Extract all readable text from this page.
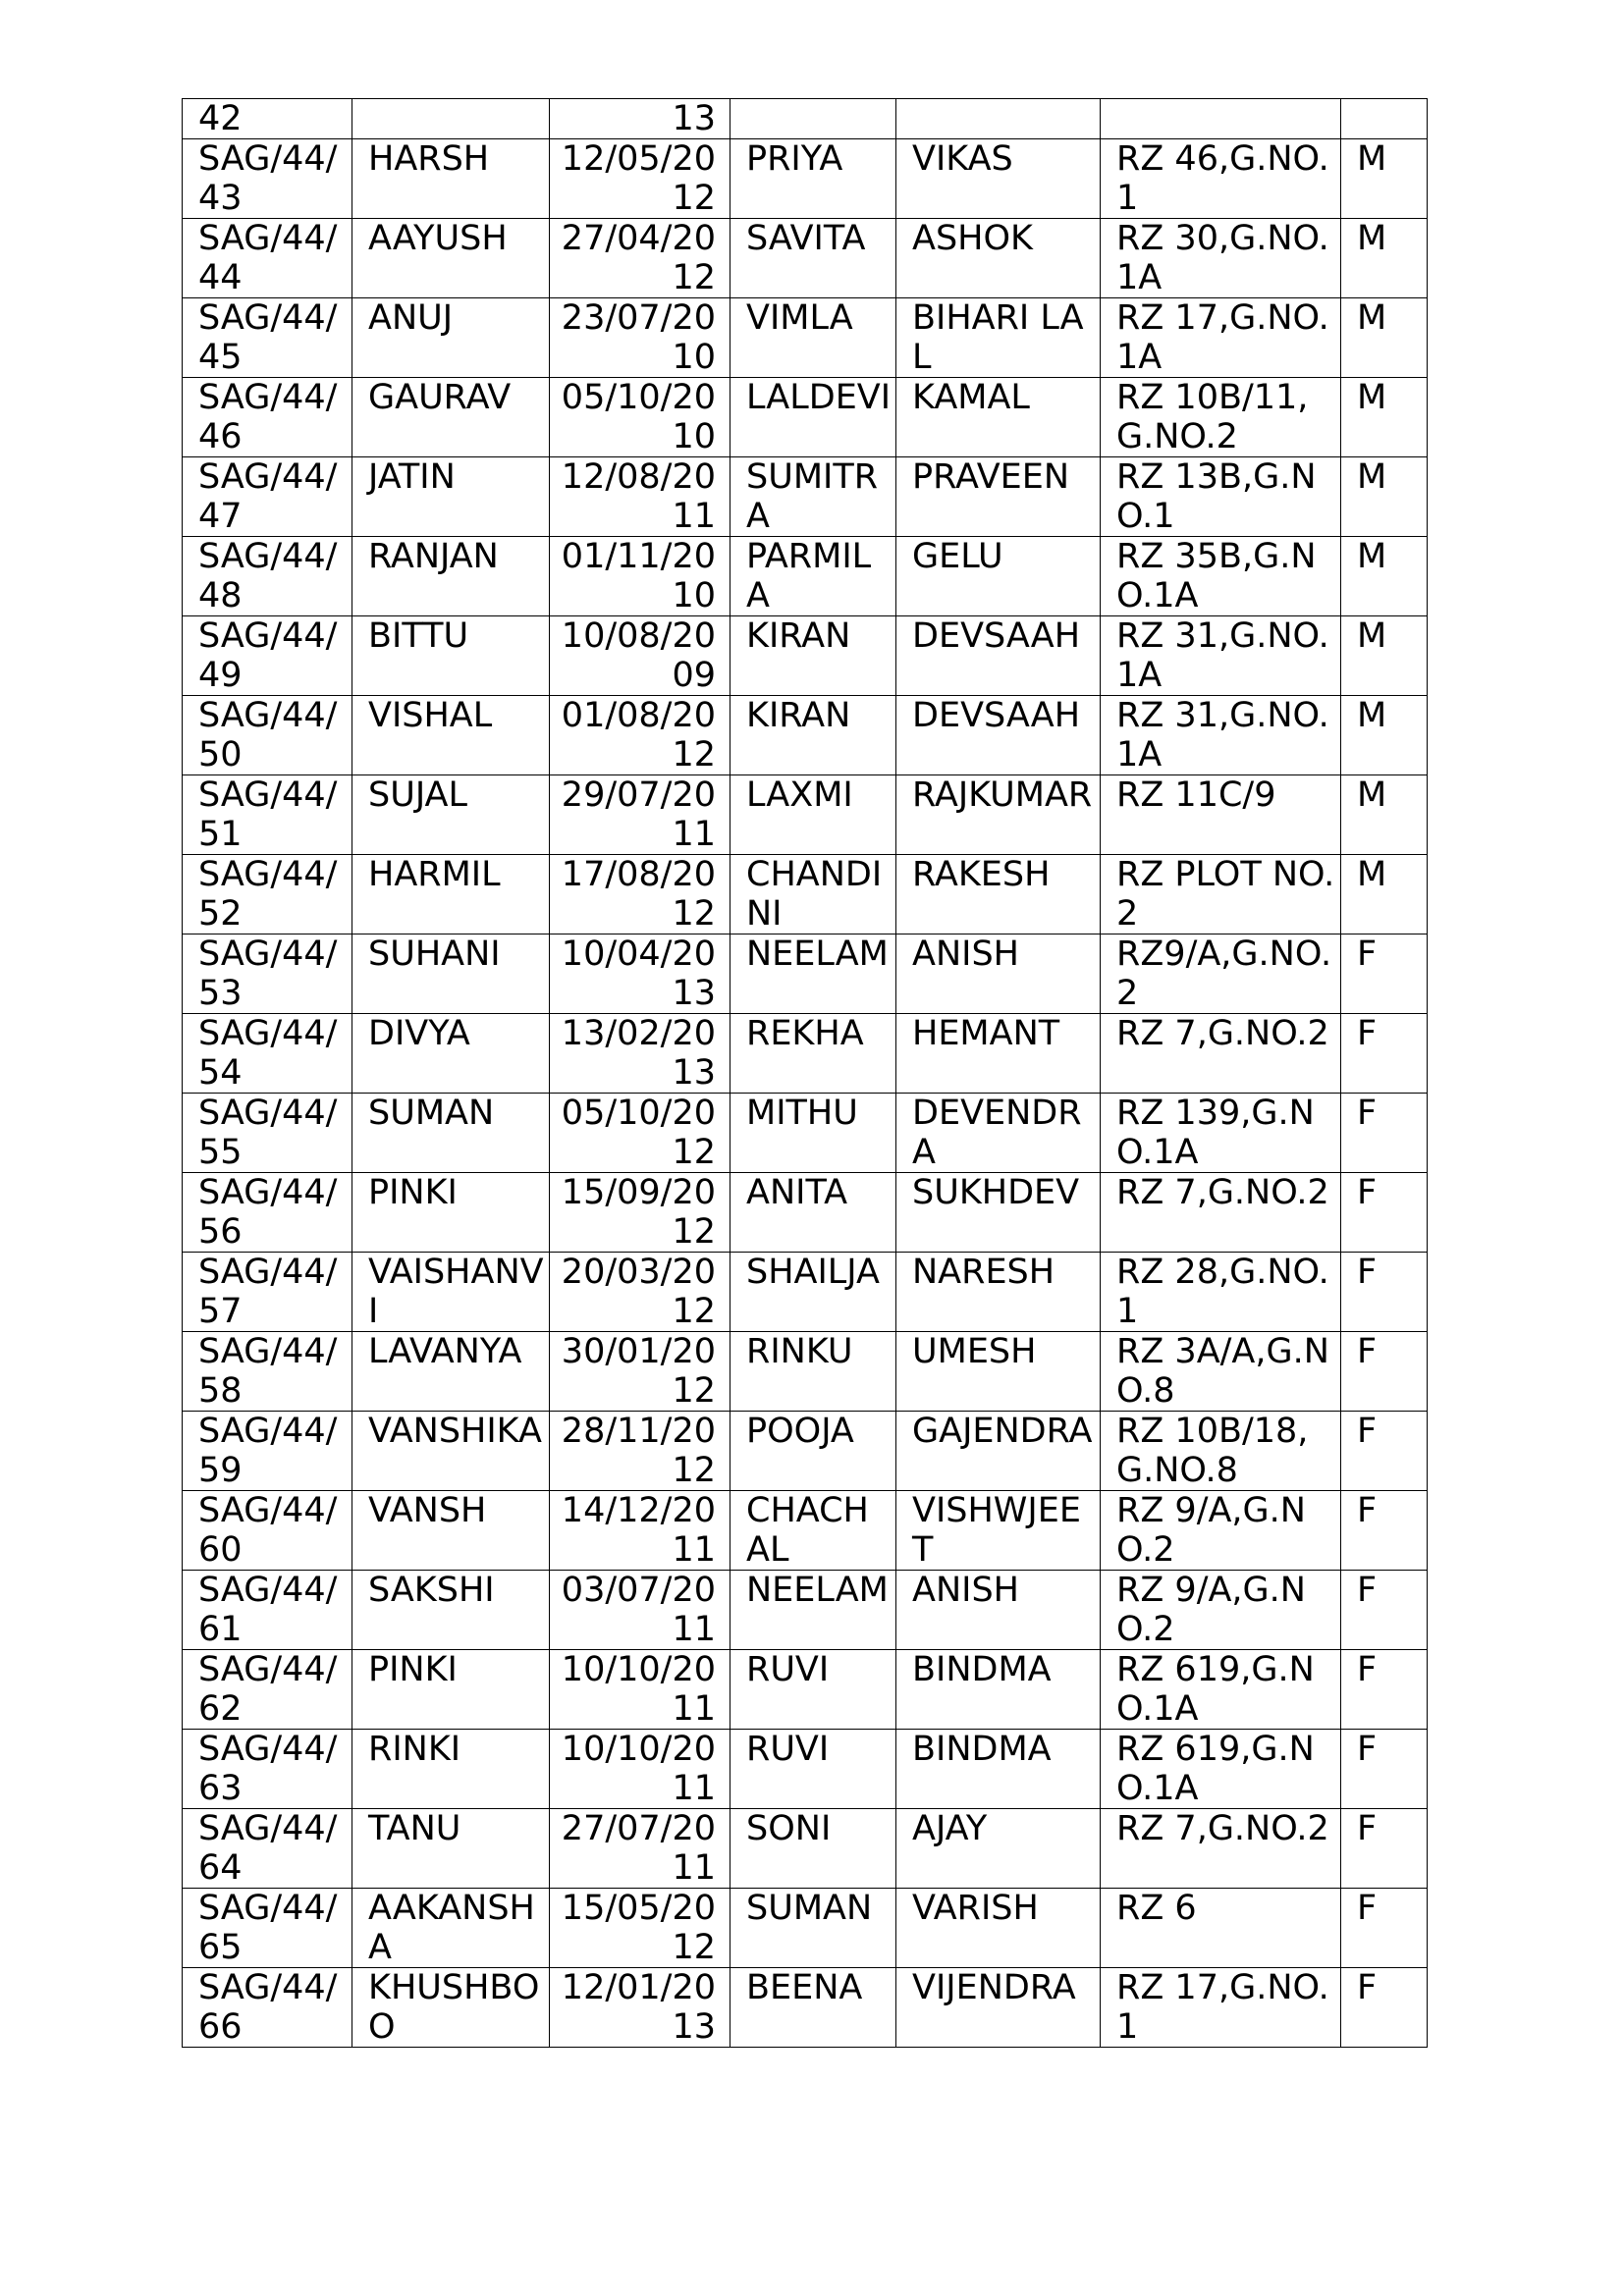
42		13				
SAG/44/43	HARSH	12/05/2012	PRIYA	VIKAS	RZ 46,G.NO.1	M
SAG/44/44	AAYUSH	27/04/2012	SAVITA	ASHOK	RZ 30,G.NO.1A	M
SAG/44/45	ANUJ	23/07/2010	VIMLA	BIHARI LAL	RZ 17,G.NO.1A	M
SAG/44/46	GAURAV	05/10/2010	LALDEVI	KAMAL	RZ 10B/11,G.NO.2	M
SAG/44/47	JATIN	12/08/2011	SUMITRA	PRAVEEN	RZ 13B,G.NO.1	M
SAG/44/48	RANJAN	01/11/2010	PARMILA	GELU	RZ 35B,G.NO.1A	M
SAG/44/49	BITTU	10/08/2009	KIRAN	DEVSAAH	RZ 31,G.NO.1A	M
SAG/44/50	VISHAL	01/08/2012	KIRAN	DEVSAAH	RZ 31,G.NO.1A	M
SAG/44/51	SUJAL	29/07/2011	LAXMI	RAJKUMAR	RZ 11C/9	M
SAG/44/52	HARMIL	17/08/2012	CHANDINI	RAKESH	RZ PLOT NO.2	M
SAG/44/53	SUHANI	10/04/2013	NEELAM	ANISH	RZ9/A,G.NO.2	F
SAG/44/54	DIVYA	13/02/2013	REKHA	HEMANT	RZ 7,G.NO.2	F
SAG/44/55	SUMAN	05/10/2012	MITHU	DEVENDRA	RZ 139,G.NO.1A	F
SAG/44/56	PINKI	15/09/2012	ANITA	SUKHDEV	RZ 7,G.NO.2	F
SAG/44/57	VAISHANVI	20/03/2012	SHAILJA	NARESH	RZ 28,G.NO.1	F
SAG/44/58	LAVANYA	30/01/2012	RINKU	UMESH	RZ 3A/A,G.NO.8	F
SAG/44/59	VANSHIKA	28/11/2012	POOJA	GAJENDRA	RZ 10B/18,G.NO.8	F
SAG/44/60	VANSH	14/12/2011	CHACHAL	VISHWJEET	RZ 9/A,G.NO.2	F
SAG/44/61	SAKSHI	03/07/2011	NEELAM	ANISH	RZ 9/A,G.NO.2	F
SAG/44/62	PINKI	10/10/2011	RUVI	BINDMA	RZ 619,G.NO.1A	F
SAG/44/63	RINKI	10/10/2011	RUVI	BINDMA	RZ 619,G.NO.1A	F
SAG/44/64	TANU	27/07/2011	SONI	AJAY	RZ 7,G.NO.2	F
SAG/44/65	AAKANSHA	15/05/2012	SUMAN	VARISH	RZ 6	F
SAG/44/66	KHUSHBOO	12/01/2013	BEENA	VIJENDRA	RZ 17,G.NO.1	F
